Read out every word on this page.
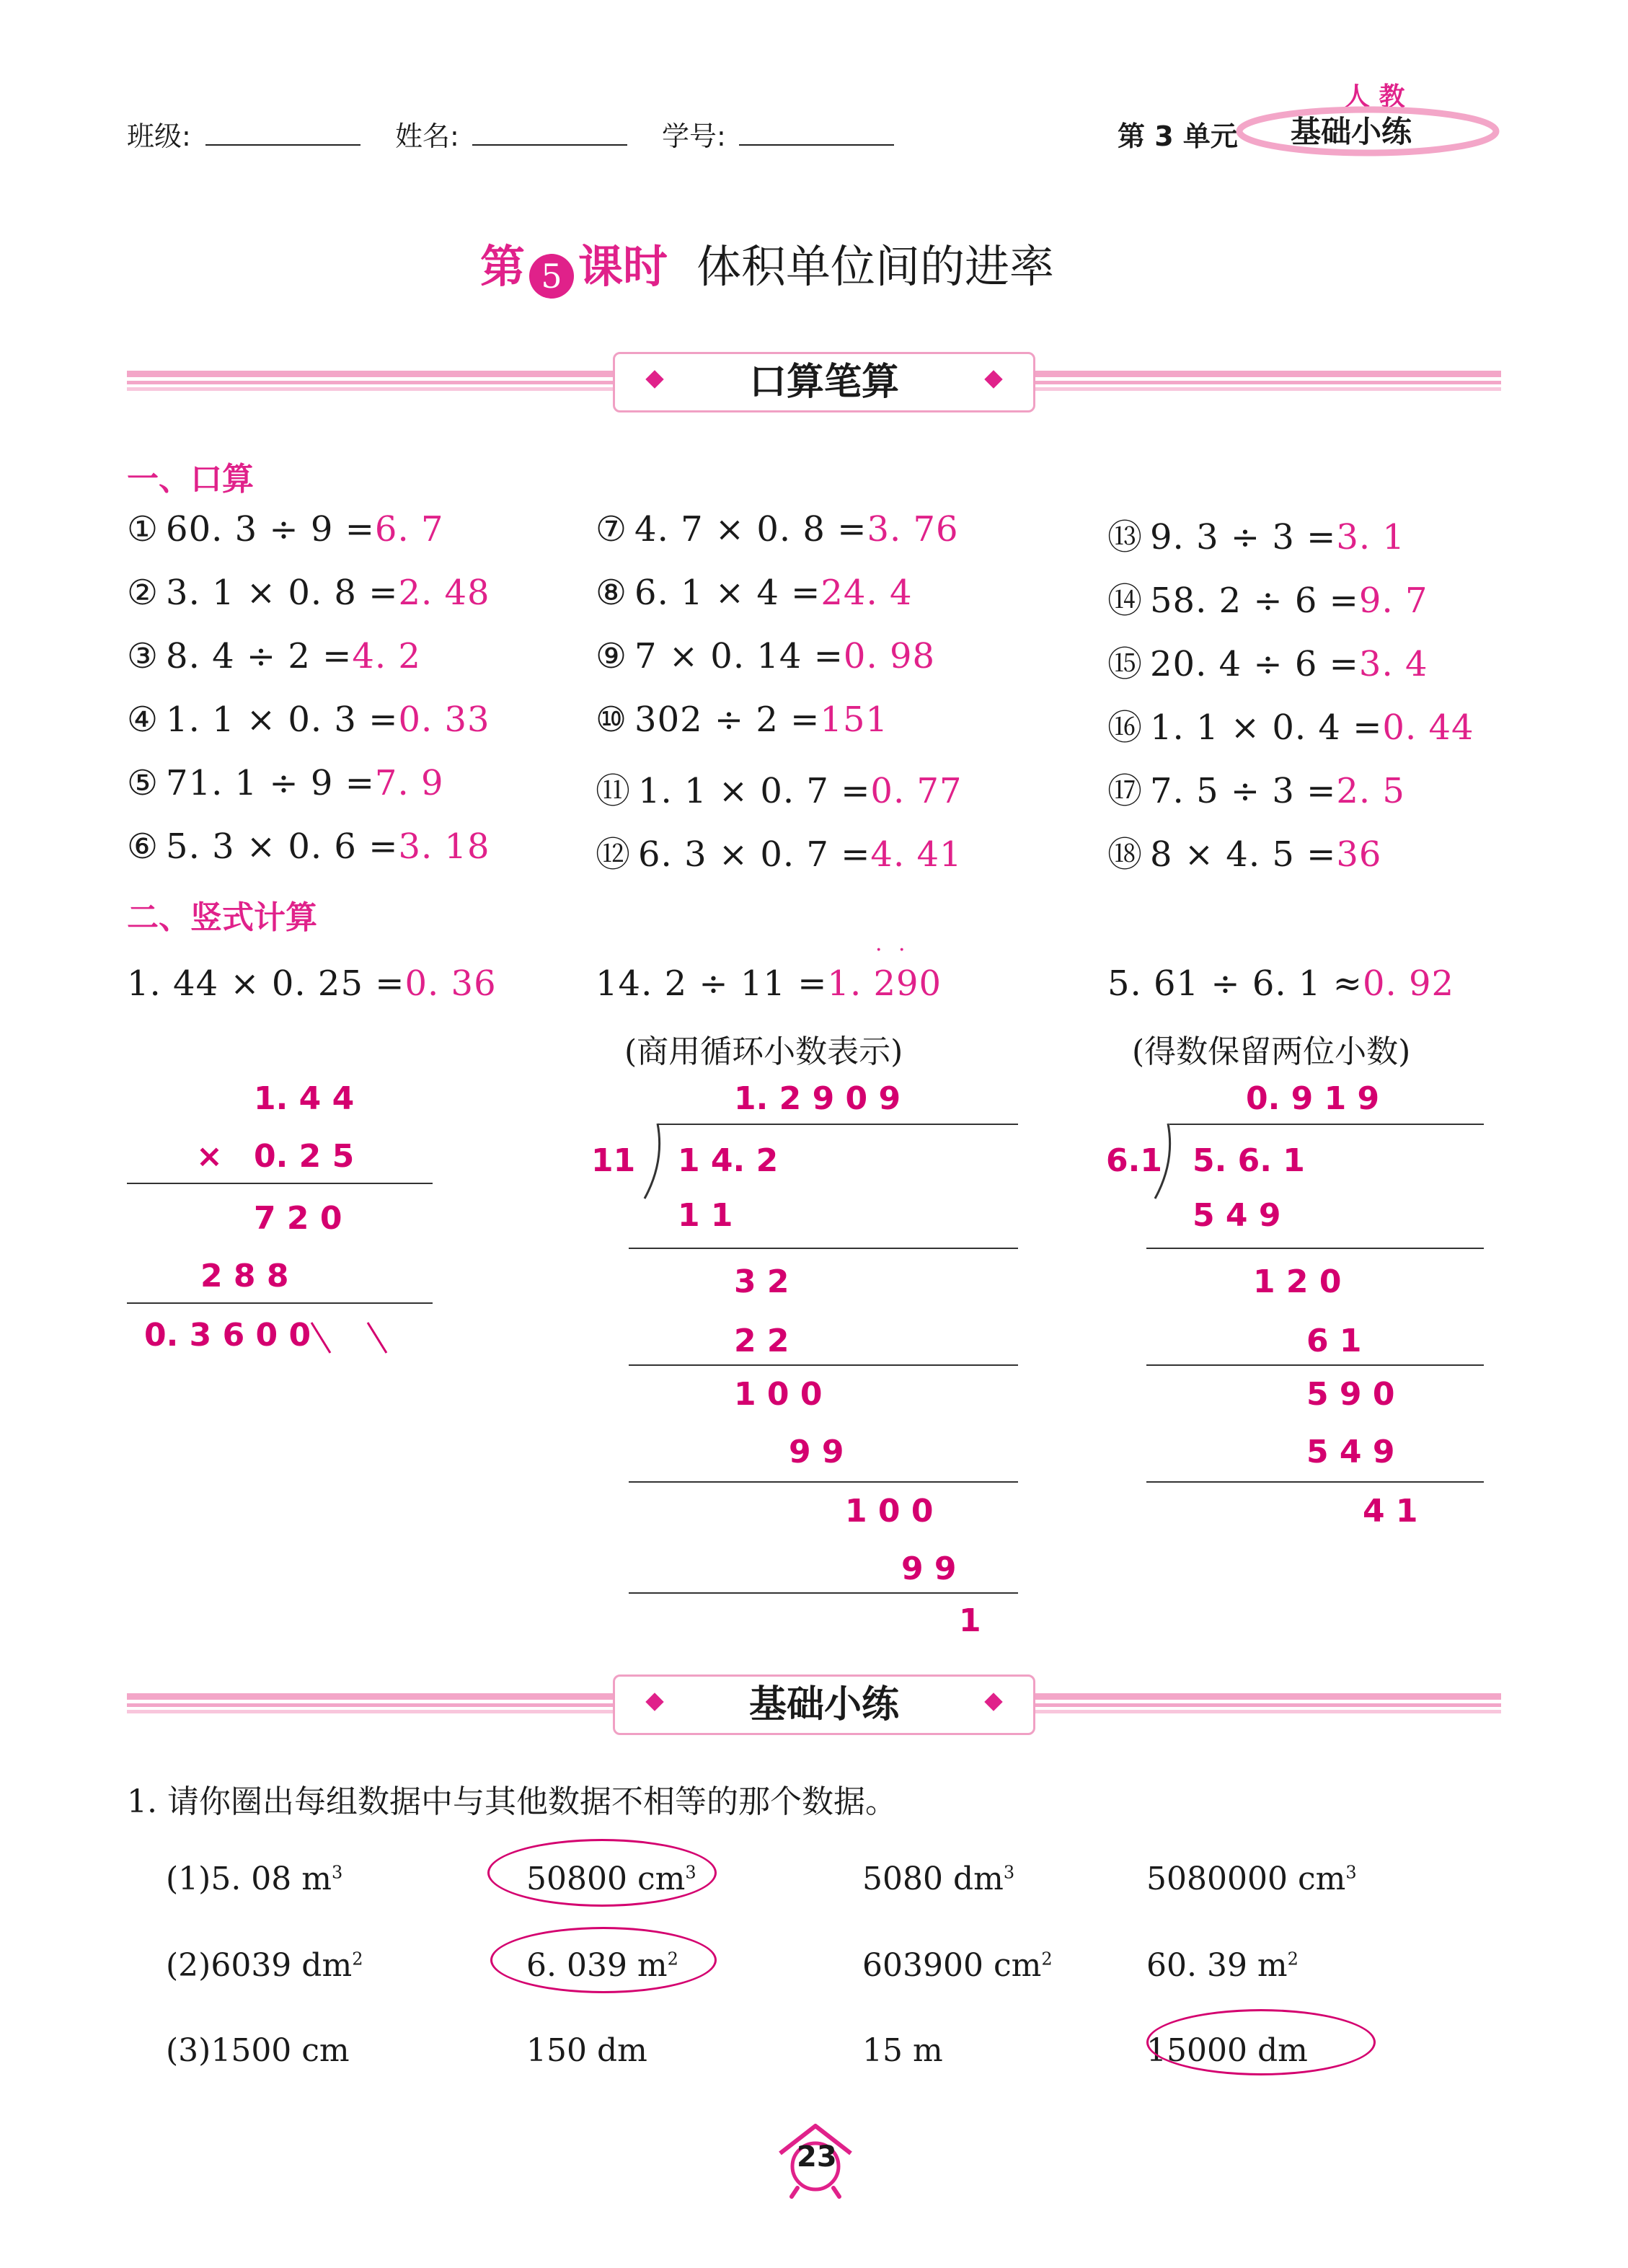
班级:	姓名:	学号:	第 3 单元
人 教
基础小练
第 5 课时 体积单位间的进率
口算笔算
一、口算
① 60. 3 ÷ 9 =6. 7
② 3. 1 × 0. 8 =2. 48
③ 8. 4 ÷ 2 =4. 2
④ 1. 1 × 0. 3 =0. 33
⑤ 71. 1 ÷ 9 =7. 9
⑥ 5. 3 × 0. 6 =3. 18
⑦ 4. 7 × 0. 8 =3. 76
⑧ 6. 1 × 4 =24. 4
⑨ 7 × 0. 14 =0. 98
⑩ 302 ÷ 2 =151
⑪ 1. 1 × 0. 7 =0. 77
⑫ 6. 3 × 0. 7 =4. 41
⑬ 9. 3 ÷ 3 =3. 1
⑭ 58. 2 ÷ 6 =9. 7
⑮ 20. 4 ÷ 6 =3. 4
⑯ 1. 1 × 0. 4 =0. 44
⑰ 7. 5 ÷ 3 =2. 5
⑱ 8 × 4. 5 =36
二、竖式计算
1. 44 × 0. 25 =0. 36	14. 2 ÷ 11 =1. 290
· ·
(商用循环小数表示)
5. 61 ÷ 6. 1 ≈0. 92
(得数保留两位小数)
1. 4 4
× 0. 2 5
7 2 0
2 8 8
0. 3 6 0 0
1. 2 9 0 9
11 1 4. 2
1 1
3 2
2 2
1 0 0
9 9
1 0 0
9 9
1
0. 9 1 9
6.1 5. 6. 1
5 4 9
1 2 0
6 1
5 9 0
5 4 9
4 1
基础小练
1. 请你圈出每组数据中与其他数据不相等的那个数据。
(1)5. 08 $m^3$	50800 $cm^3$	5080 $dm^3$	5080000 $cm^3$
(2)6039 $dm^2$	6. 039 $m^2$	603900 $cm^2$	60. 39 $m^2$
(3)1500 cm	150 dm	15 m	15000 dm
23
